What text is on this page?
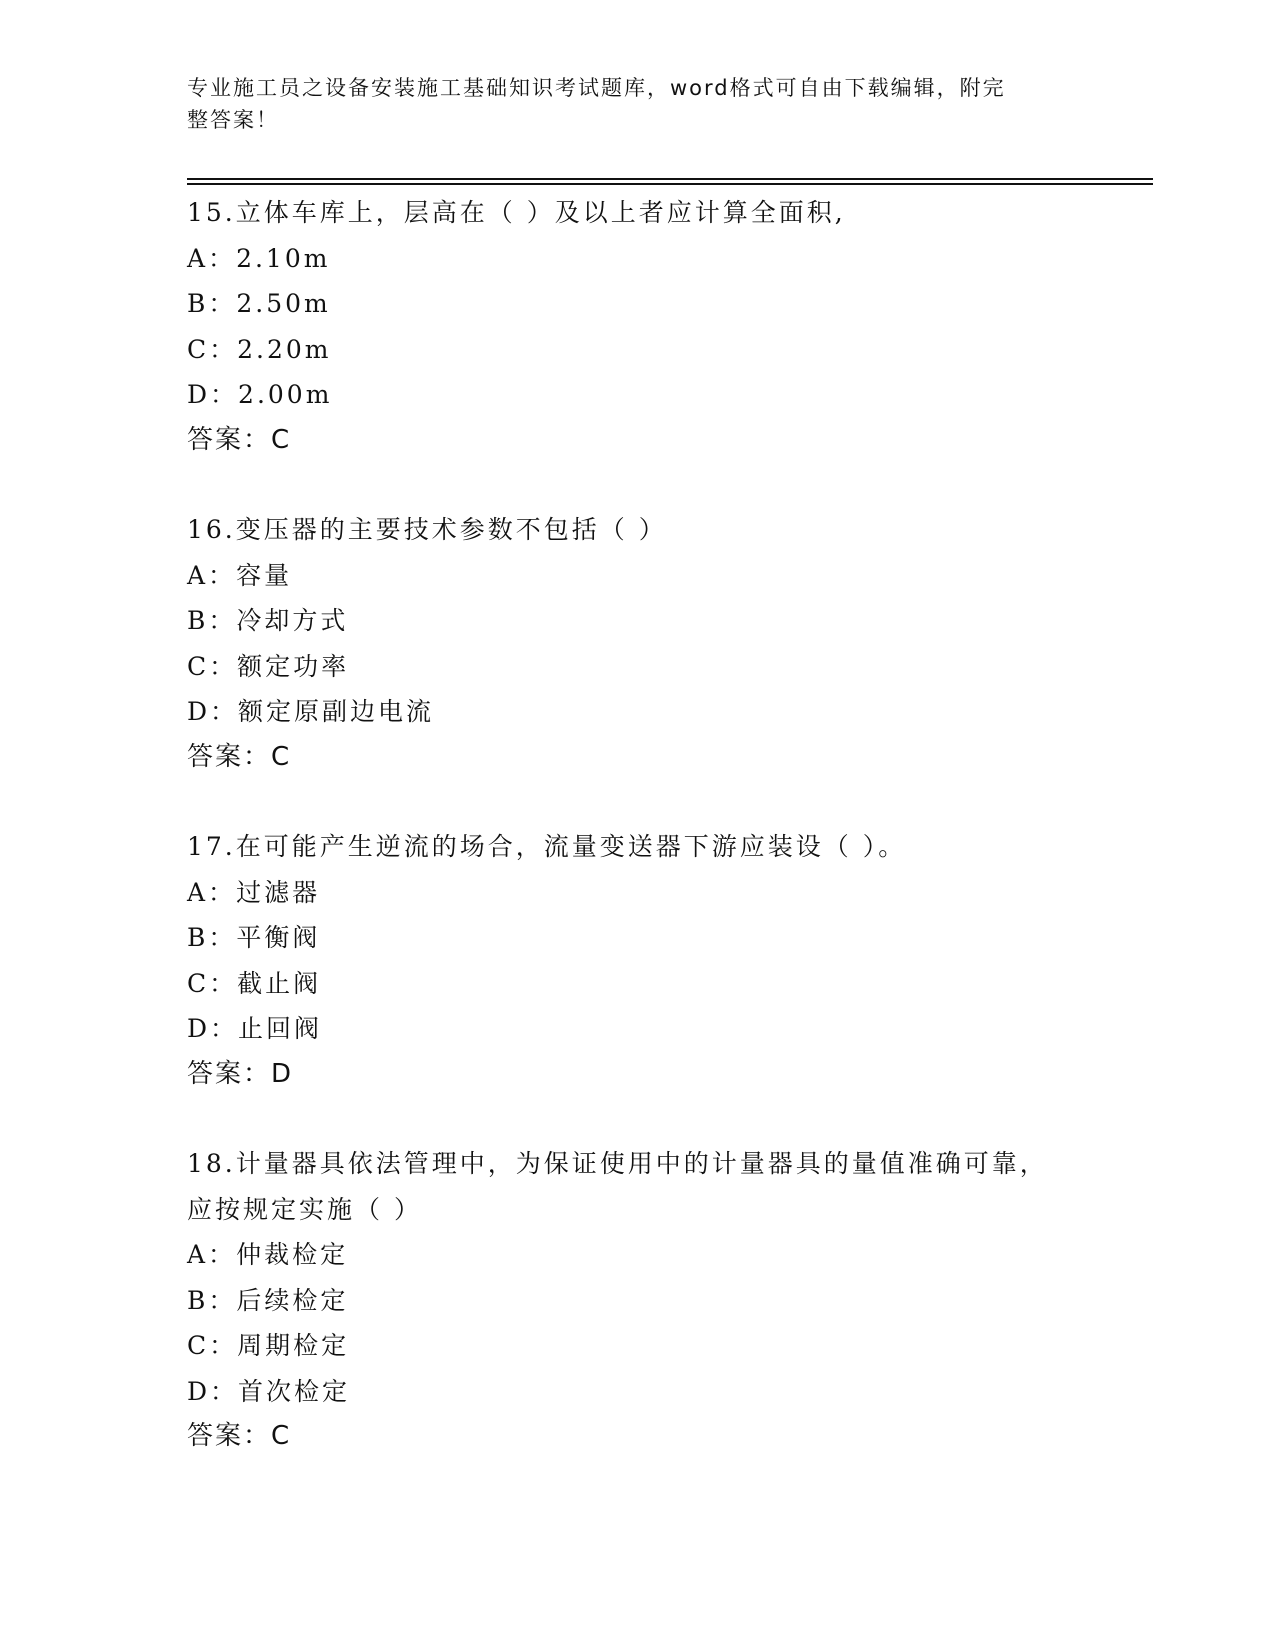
专业施工员之设备安装施工基础知识考试题库，word格式可自由下载编辑，附完
整答案！
15.立体车库上，层高在（ ）及以上者应计算全面积,
A：2.10m
B：2.50m
C：2.20m
D：2.00m
答案：C
16.变压器的主要技术参数不包括（ ）
A：容量
B：冷却方式
C：额定功率
D：额定原副边电流
答案：C
17.在可能产生逆流的场合，流量变送器下游应装设（ ）。
A：过滤器
B：平衡阀
C：截止阀
D：止回阀
答案：D
18.计量器具依法管理中，为保证使用中的计量器具的量值准确可靠，
应按规定实施（ ）
A：仲裁检定
B：后续检定
C：周期检定
D：首次检定
答案：C
